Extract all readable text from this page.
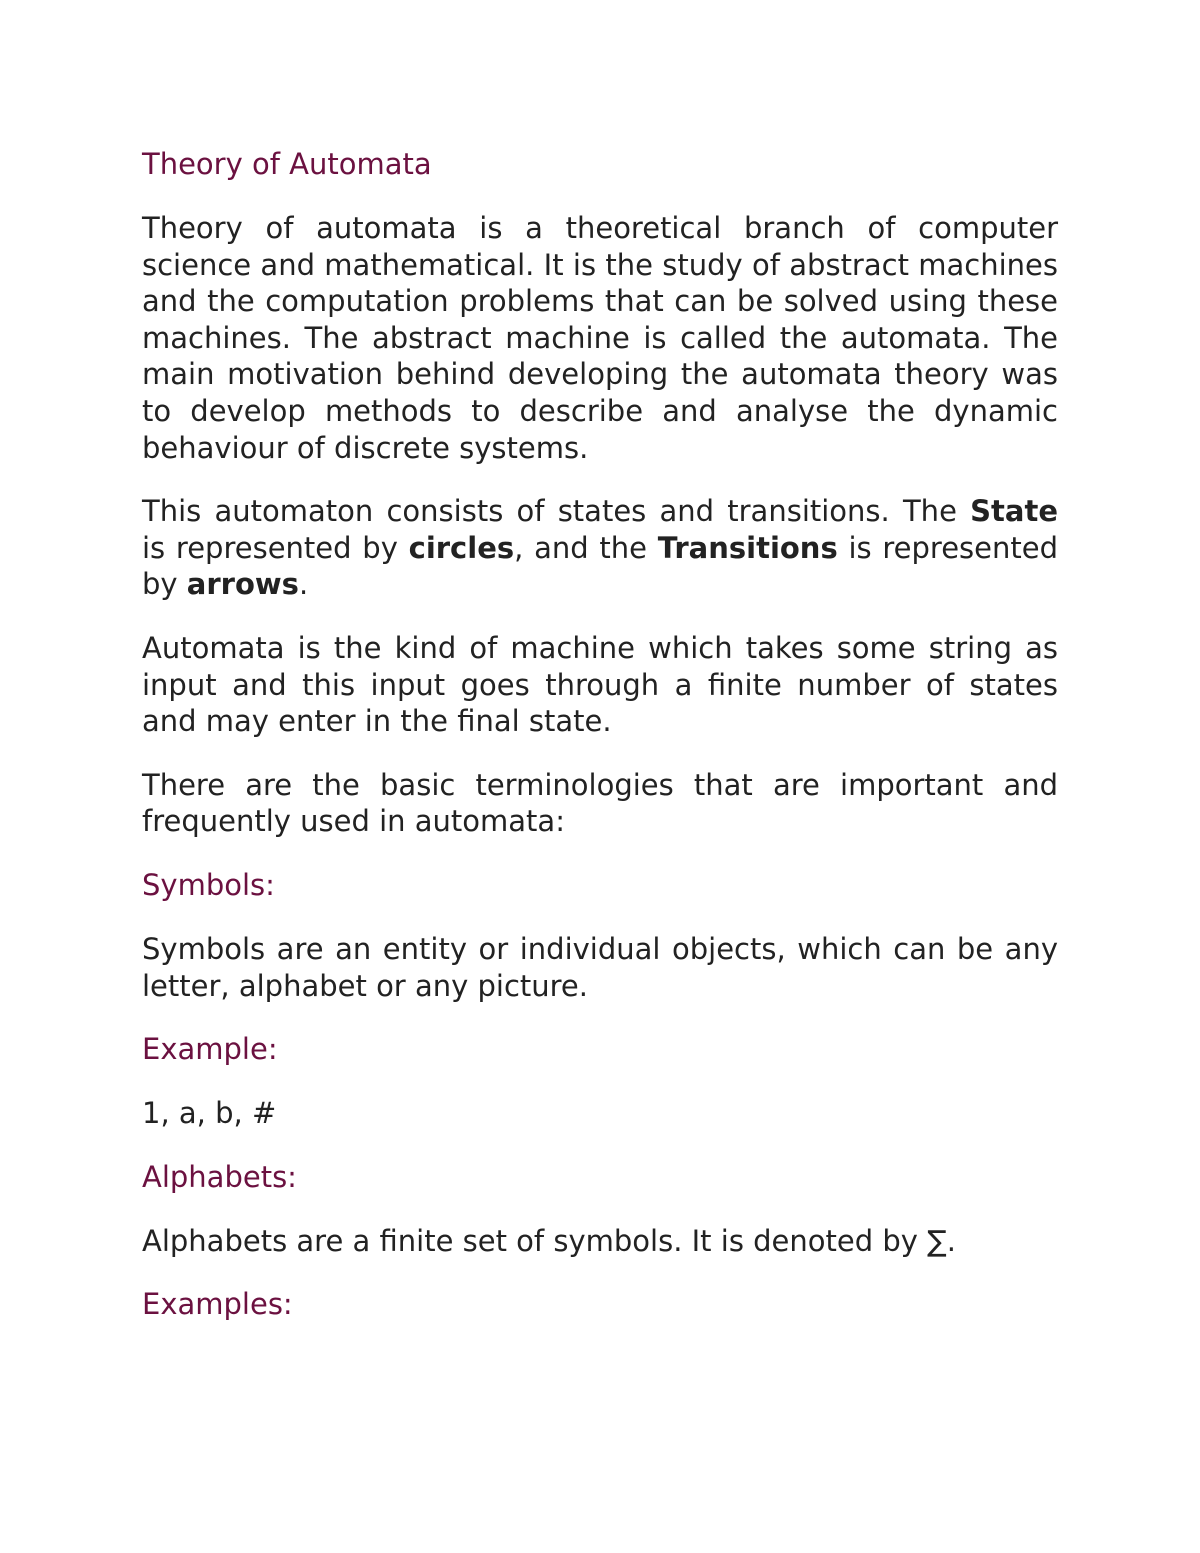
Theory of Automata

Theory of automata is a theoretical branch of computer science and mathematical. It is the study of abstract machines and the computation problems that can be solved using these machines. The abstract machine is called the automata. The main motivation behind developing the automata theory was to develop methods to describe and analyse the dynamic behaviour of discrete systems.

This automaton consists of states and transitions. The State is represented by circles, and the Transitions is represented by arrows.

Automata is the kind of machine which takes some string as input and this input goes through a finite number of states and may enter in the final state.

There are the basic terminologies that are important and frequently used in automata:

Symbols:

Symbols are an entity or individual objects, which can be any letter, alphabet or any picture.

Example:

1, a, b, #

Alphabets:

Alphabets are a finite set of symbols. It is denoted by ∑.

Examples:
